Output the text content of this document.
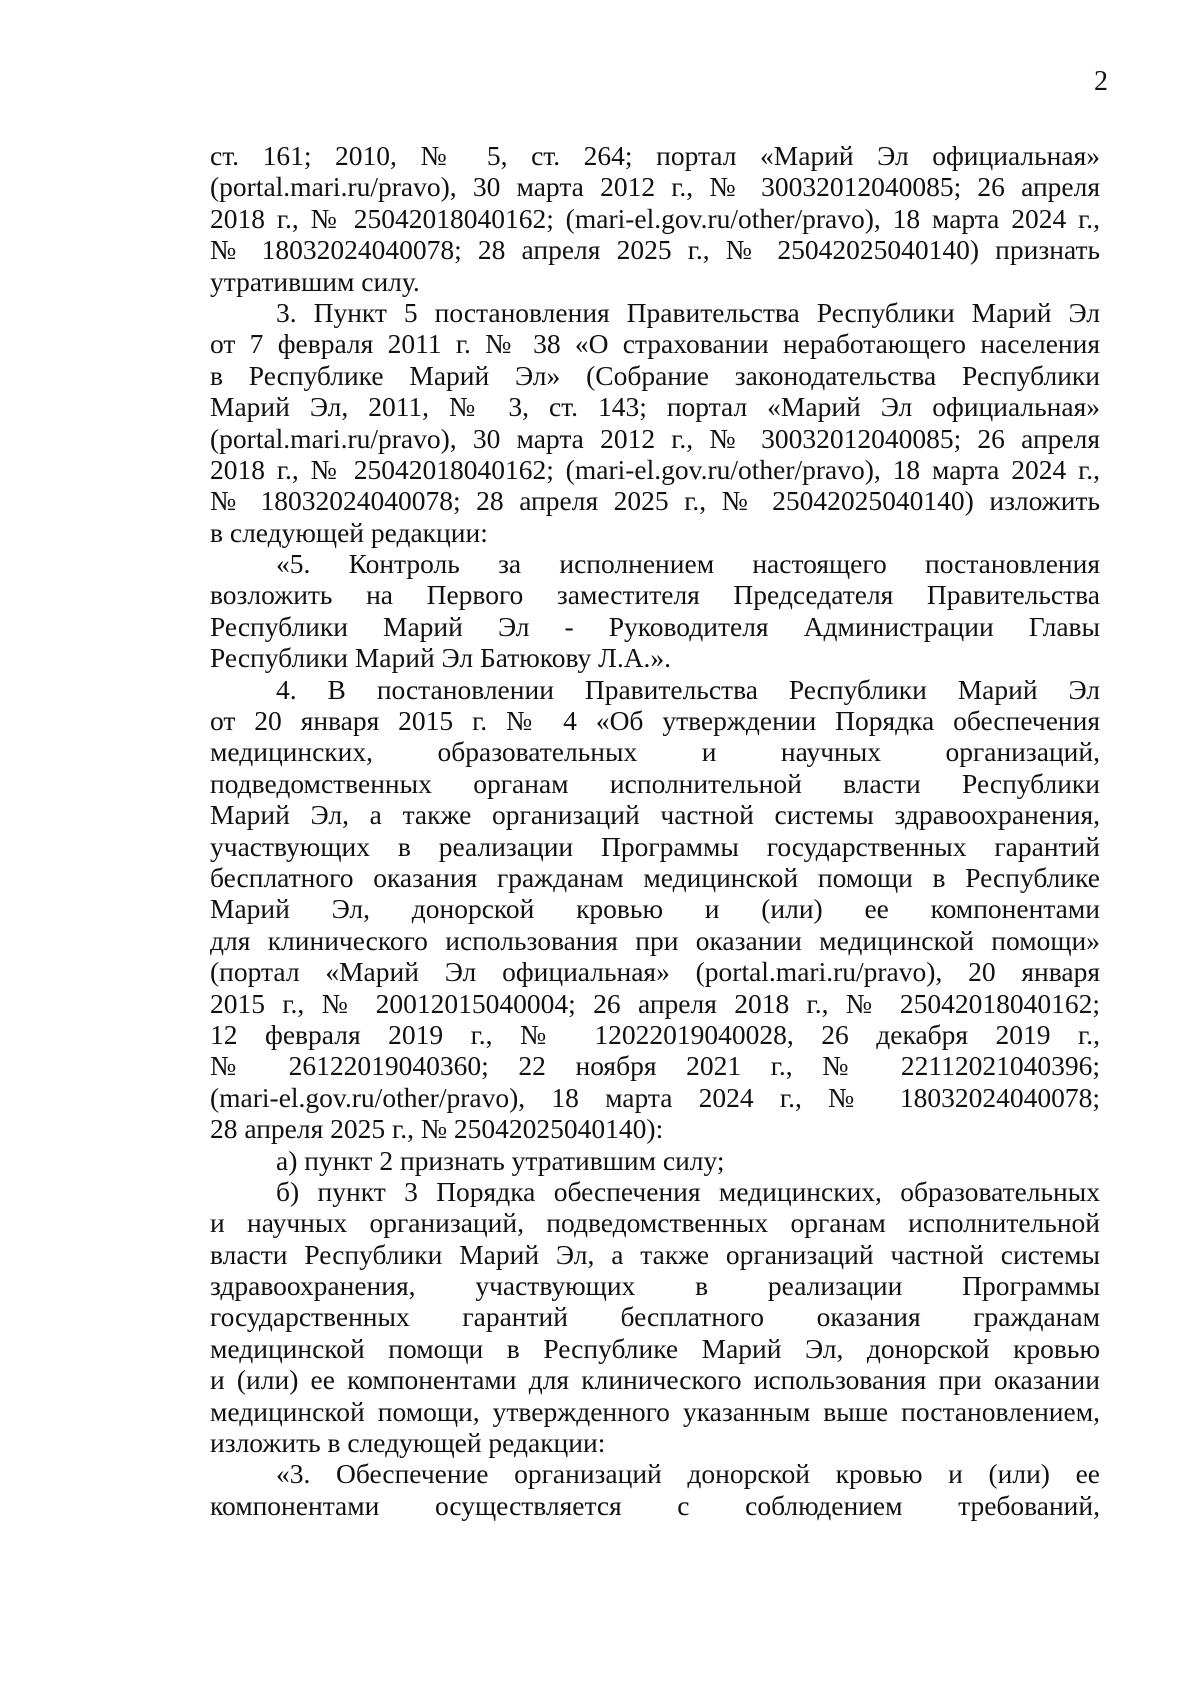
2
ст. 161; 2010, № 5, ст. 264; портал «Марий Эл официальная»
(portal.mari.ru/pravo), 30 марта 2012 г., № 30032012040085; 26 апреля
2018 г., № 25042018040162; (mari-el.gov.ru/other/pravo), 18 марта 2024 г.,
№ 18032024040078; 28 апреля 2025 г., № 25042025040140) признать
утратившим силу.
3. Пункт 5 постановления Правительства Республики Марий Эл
от 7 февраля 2011 г. № 38 «О страховании неработающего населения
в Республике Марий Эл» (Собрание законодательства Республики
Марий Эл, 2011, № 3, ст. 143; портал «Марий Эл официальная»
(portal.mari.ru/pravo), 30 марта 2012 г., № 30032012040085; 26 апреля
2018 г., № 25042018040162; (mari-el.gov.ru/other/pravo), 18 марта 2024 г.,
№ 18032024040078; 28 апреля 2025 г., № 25042025040140) изложить
в следующей редакции:
«5. Контроль за исполнением настоящего постановления
возложить на Первого заместителя Председателя Правительства
Республики Марий Эл - Руководителя Администрации Главы
Республики Марий Эл Батюкову Л.А.».
4. В постановлении Правительства Республики Марий Эл
от 20 января 2015 г. № 4 «Об утверждении Порядка обеспечения
медицинских, образовательных и научных организаций,
подведомственных органам исполнительной власти Республики
Марий Эл, а также организаций частной системы здравоохранения,
участвующих в реализации Программы государственных гарантий
бесплатного оказания гражданам медицинской помощи в Республике
Марий Эл, донорской кровью и (или) ее компонентами
для клинического использования при оказании медицинской помощи»
(портал «Марий Эл официальная» (portal.mari.ru/pravo), 20 января
2015 г., № 20012015040004; 26 апреля 2018 г., № 25042018040162;
12 февраля 2019 г., № 12022019040028, 26 декабря 2019 г.,
№ 26122019040360; 22 ноября 2021 г., № 22112021040396;
(mari-el.gov.ru/other/pravo), 18 марта 2024 г., № 18032024040078;
28 апреля 2025 г., № 25042025040140):
а) пункт 2 признать утратившим силу;
б) пункт 3 Порядка обеспечения медицинских, образовательных
и научных организаций, подведомственных органам исполнительной
власти Республики Марий Эл, а также организаций частной системы
здравоохранения, участвующих в реализации Программы
государственных гарантий бесплатного оказания гражданам
медицинской помощи в Республике Марий Эл, донорской кровью
и (или) ее компонентами для клинического использования при оказании
медицинской помощи, утвержденного указанным выше постановлением,
изложить в следующей редакции:
«3. Обеспечение организаций донорской кровью и (или) ее
компонентами осуществляется с соблюдением требований,
